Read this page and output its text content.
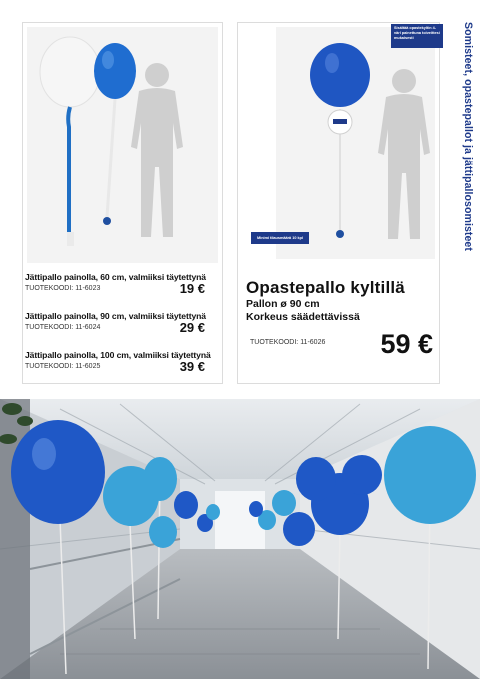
Jättipallo painolla, 60 cm, valmiiksi täytettynä
TUOTEKOODI: 11-6023	19 €
Jättipallo painolla, 90 cm, valmiiksi täytettynä
TUOTEKOODI: 11-6024	29 €
Jättipallo painolla, 100 cm, valmiiksi täytettynä
TUOTEKOODI: 11-6025	39 €
Opastepallo kyltillä
Pallon ø 90 cm
Korkeus säädettävissä
TUOTEKOODI: 11-6026 59 €
Sisältää opastekyltin 4-värl painettuna toiveittesi mukaisesti
Minimi tilausmäärä 10 kpl	Somisteet, opastepallot ja jättipallosomisteet
